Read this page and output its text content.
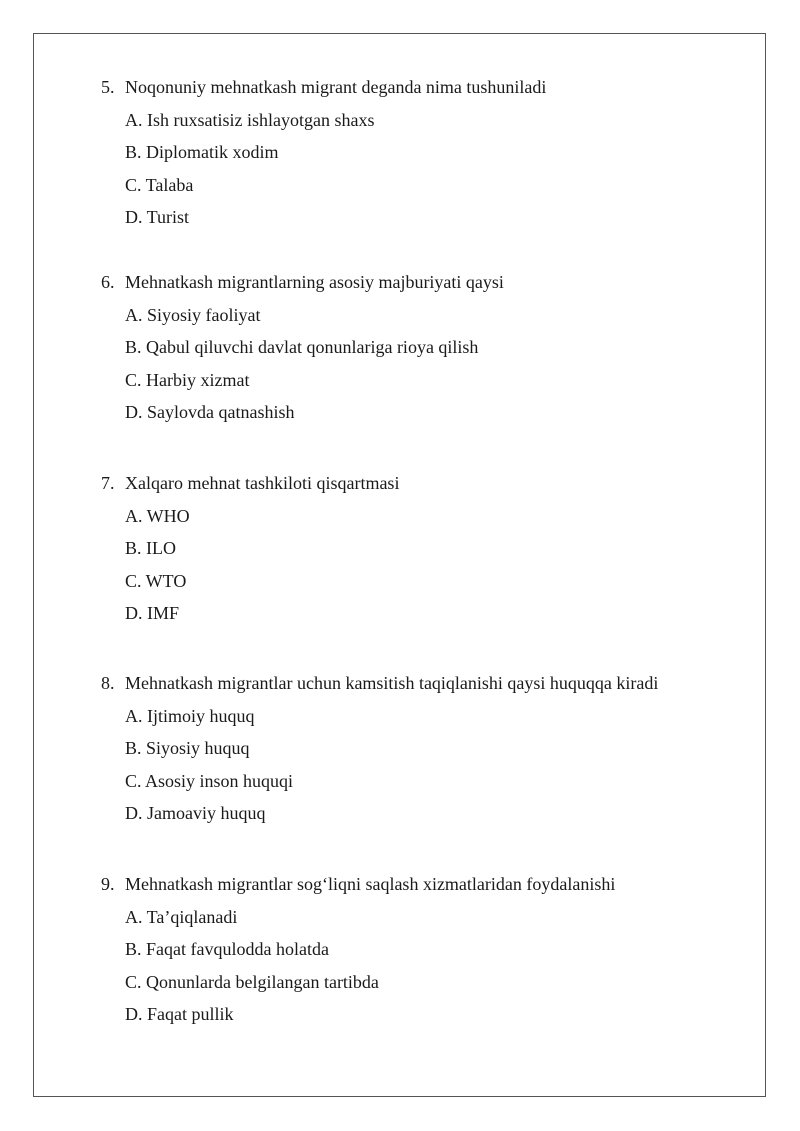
5. Noqonuniy mehnatkash migrant deganda nima tushuniladi
A. Ish ruxsatisiz ishlayotgan shaxs
B. Diplomatik xodim
C. Talaba
D. Turist
6. Mehnatkash migrantlarning asosiy majburiyati qaysi
A. Siyosiy faoliyat
B. Qabul qiluvchi davlat qonunlariga rioya qilish
C. Harbiy xizmat
D. Saylovda qatnashish
7. Xalqaro mehnat tashkiloti qisqartmasi
A. WHO
B. ILO
C. WTO
D. IMF
8. Mehnatkash migrantlar uchun kamsitish taqiqlanishi qaysi huquqqa kiradi
A. Ijtimoiy huquq
B. Siyosiy huquq
C. Asosiy inson huquqi
D. Jamoaviy huquq
9. Mehnatkash migrantlar sog‘liqni saqlash xizmatlaridan foydalanishi
A. Ta’qiqlanadi
B. Faqat favqulodda holatda
C. Qonunlarda belgilangan tartibda
D. Faqat pullik
